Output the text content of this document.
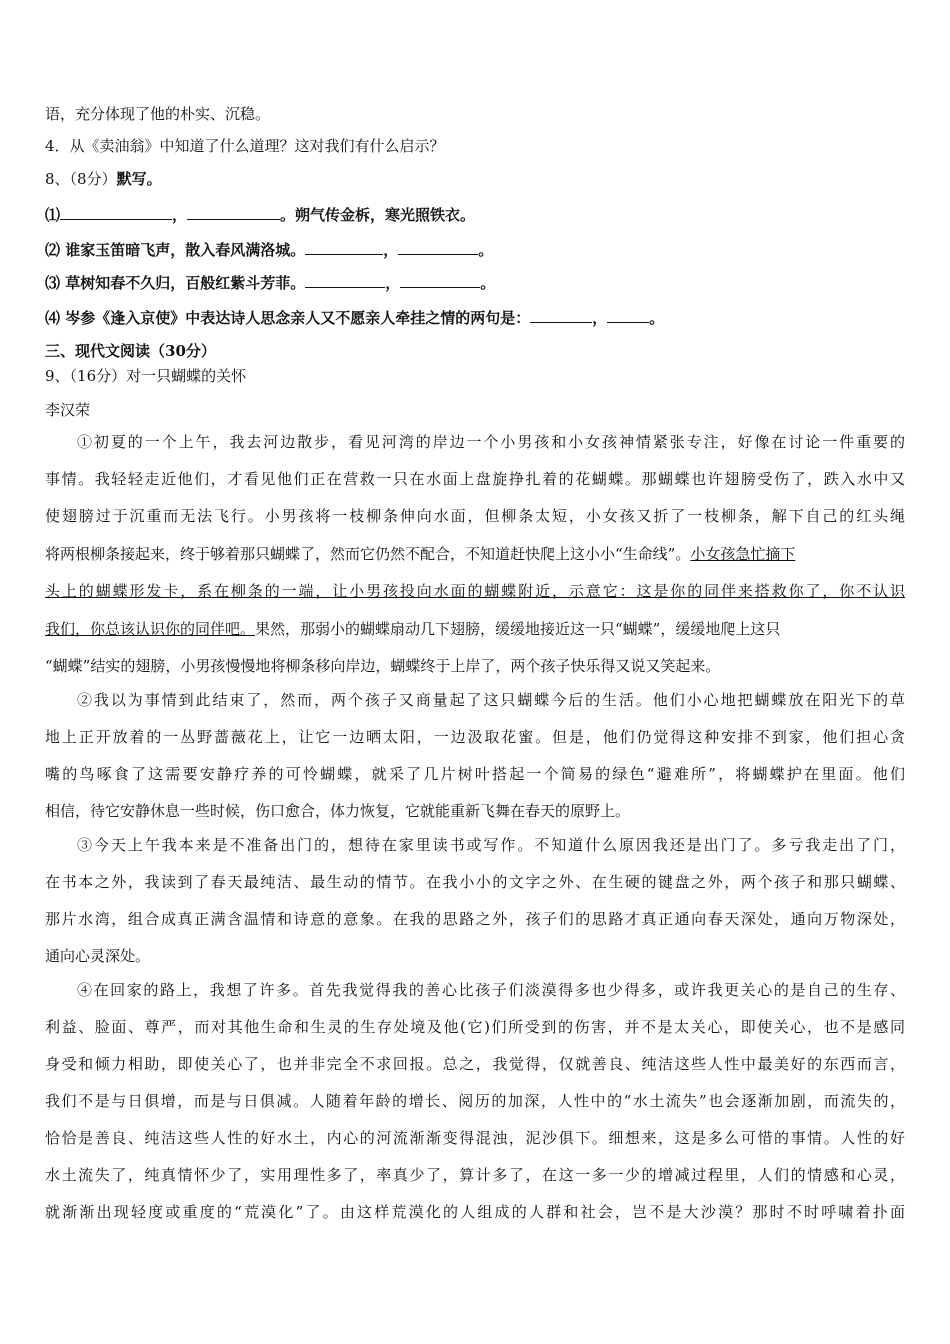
语，充分体现了他的朴实、沉稳。
4．从《卖油翁》中知道了什么道理？这对我们有什么启示？
8、（8分）默写。
⑴	，	。朔气传金柝，寒光照铁衣。
⑵ 谁家玉笛暗飞声，散入春风满洛城。	，	。
⑶ 草树知春不久归，百般红紫斗芳菲。	，	。
⑷ 岑参《逢入京使》中表达诗人思念亲人又不愿亲人牵挂之情的两句是：	，	。
三、现代文阅读（30分）
9、（16分）对一只蝴蝶的关怀
李汉荣
①初夏的一个上午，我去河边散步，看见河湾的岸边一个小男孩和小女孩神情紧张专注，好像在讨论一件重要的
事情。我轻轻走近他们，才看见他们正在营救一只在水面上盘旋挣扎着的花蝴蝶。那蝴蝶也许翅膀受伤了，跌入水中又
使翅膀过于沉重而无法飞行。小男孩将一枝柳条伸向水面，但柳条太短，小女孩又折了一枝柳条，解下自己的红头绳
将两根柳条接起来，终于够着那只蝴蝶了，然而它仍然不配合，不知道赶快爬上这小小“生命线”。小女孩急忙摘下
头上的蝴蝶形发卡，系在柳条的一端，让小男孩投向水面的蝴蝶附近，示意它：这是你的同伴来搭救你了，你不认识
我们，你总该认识你的同伴吧。果然，那弱小的蝴蝶扇动几下翅膀，缓缓地接近这一只“蝴蝶”，缓缓地爬上这只
“蝴蝶”结实的翅膀，小男孩慢慢地将柳条移向岸边，蝴蝶终于上岸了，两个孩子快乐得又说又笑起来。
②我以为事情到此结束了，然而，两个孩子又商量起了这只蝴蝶今后的生活。他们小心地把蝴蝶放在阳光下的草
地上正开放着的一丛野蔷薇花上，让它一边晒太阳，一边汲取花蜜。但是，他们仍觉得这种安排不到家，他们担心贪
嘴的鸟啄食了这需要安静疗养的可怜蝴蝶，就采了几片树叶搭起一个简易的绿色“避难所”，将蝴蝶护在里面。他们
相信，待它安静休息一些时候，伤口愈合，体力恢复，它就能重新飞舞在春天的原野上。
③今天上午我本来是不准备出门的，想待在家里读书或写作。不知道什么原因我还是出门了。多亏我走出了门，
在书本之外，我读到了春天最纯洁、最生动的情节。在我小小的文字之外、在生硬的键盘之外，两个孩子和那只蝴蝶、
那片水湾，组合成真正满含温情和诗意的意象。在我的思路之外，孩子们的思路才真正通向春天深处，通向万物深处，
通向心灵深处。
④在回家的路上，我想了许多。首先我觉得我的善心比孩子们淡漠得多也少得多，或许我更关心的是自己的生存、
利益、脸面、尊严，而对其他生命和生灵的生存处境及他(它)们所受到的伤害，并不是太关心，即使关心，也不是感同
身受和倾力相助，即使关心了，也并非完全不求回报。总之，我觉得，仅就善良、纯洁这些人性中最美好的东西而言，
我们不是与日俱增，而是与日俱减。人随着年龄的增长、阅历的加深，人性中的“水土流失”也会逐渐加剧，而流失的，
恰恰是善良、纯洁这些人性的好水土，内心的河流渐渐变得混浊，泥沙俱下。细想来，这是多么可惜的事情。人性的好
水土流失了，纯真情怀少了，实用理性多了，率真少了，算计多了，在这一多一少的增减过程里，人们的情感和心灵，
就渐渐出现轻度或重度的“荒漠化”了。由这样荒漠化的人组成的人群和社会，岂不是大沙漠？那时不时呼啸着扑面
